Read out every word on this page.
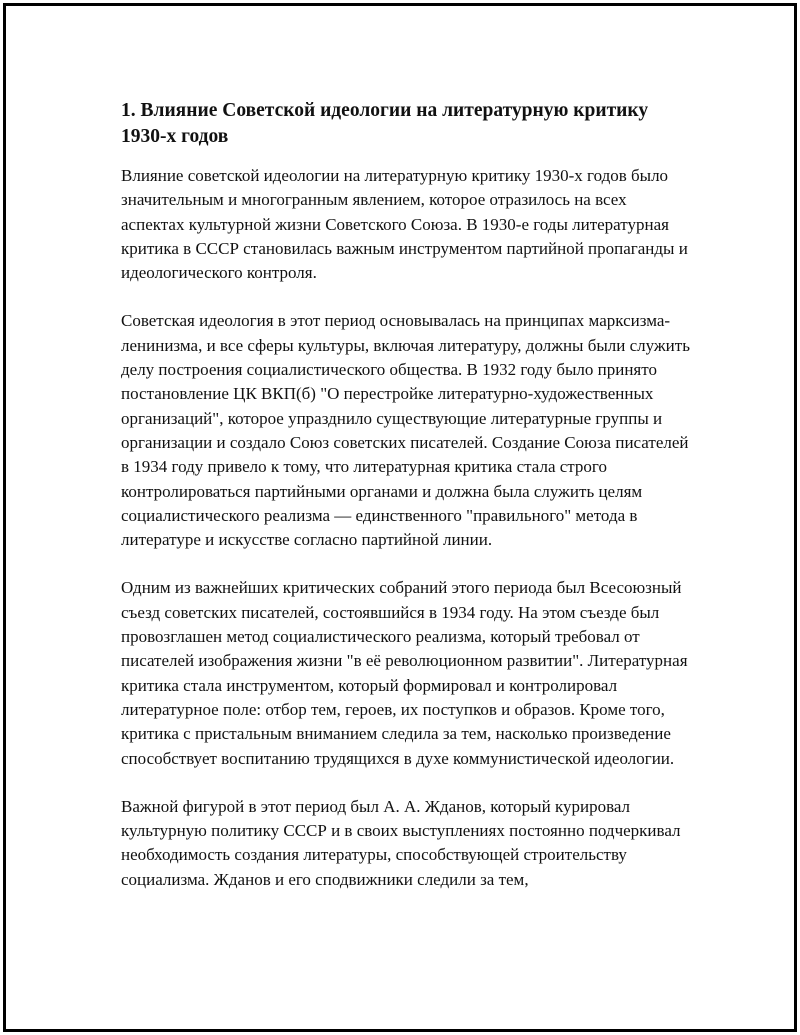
1. Влияние Советской идеологии на литературную критику 1930-х годов

Влияние советской идеологии на литературную критику 1930-х годов было значительным и многогранным явлением, которое отразилось на всех аспектах культурной жизни Советского Союза. В 1930-е годы литературная критика в СССР становилась важным инструментом партийной пропаганды и идеологического контроля.

Советская идеология в этот период основывалась на принципах марксизма-ленинизма, и все сферы культуры, включая литературу, должны были служить делу построения социалистического общества. В 1932 году было принято постановление ЦК ВКП(б) "О перестройке литературно-художественных организаций", которое упразднило существующие литературные группы и организации и создало Союз советских писателей. Создание Союза писателей в 1934 году привело к тому, что литературная критика стала строго контролироваться партийными органами и должна была служить целям социалистического реализма — единственного "правильного" метода в литературе и искусстве согласно партийной линии.

Одним из важнейших критических собраний этого периода был Всесоюзный съезд советских писателей, состоявшийся в 1934 году. На этом съезде был провозглашен метод социалистического реализма, который требовал от писателей изображения жизни "в её революционном развитии". Литературная критика стала инструментом, который формировал и контролировал литературное поле: отбор тем, героев, их поступков и образов. Кроме того, критика с пристальным вниманием следила за тем, насколько произведение способствует воспитанию трудящихся в духе коммунистической идеологии.

Важной фигурой в этот период был А. А. Жданов, который курировал культурную политику СССР и в своих выступлениях постоянно подчеркивал необходимость создания литературы, способствующей строительству социализма. Жданов и его сподвижники следили за тем,
